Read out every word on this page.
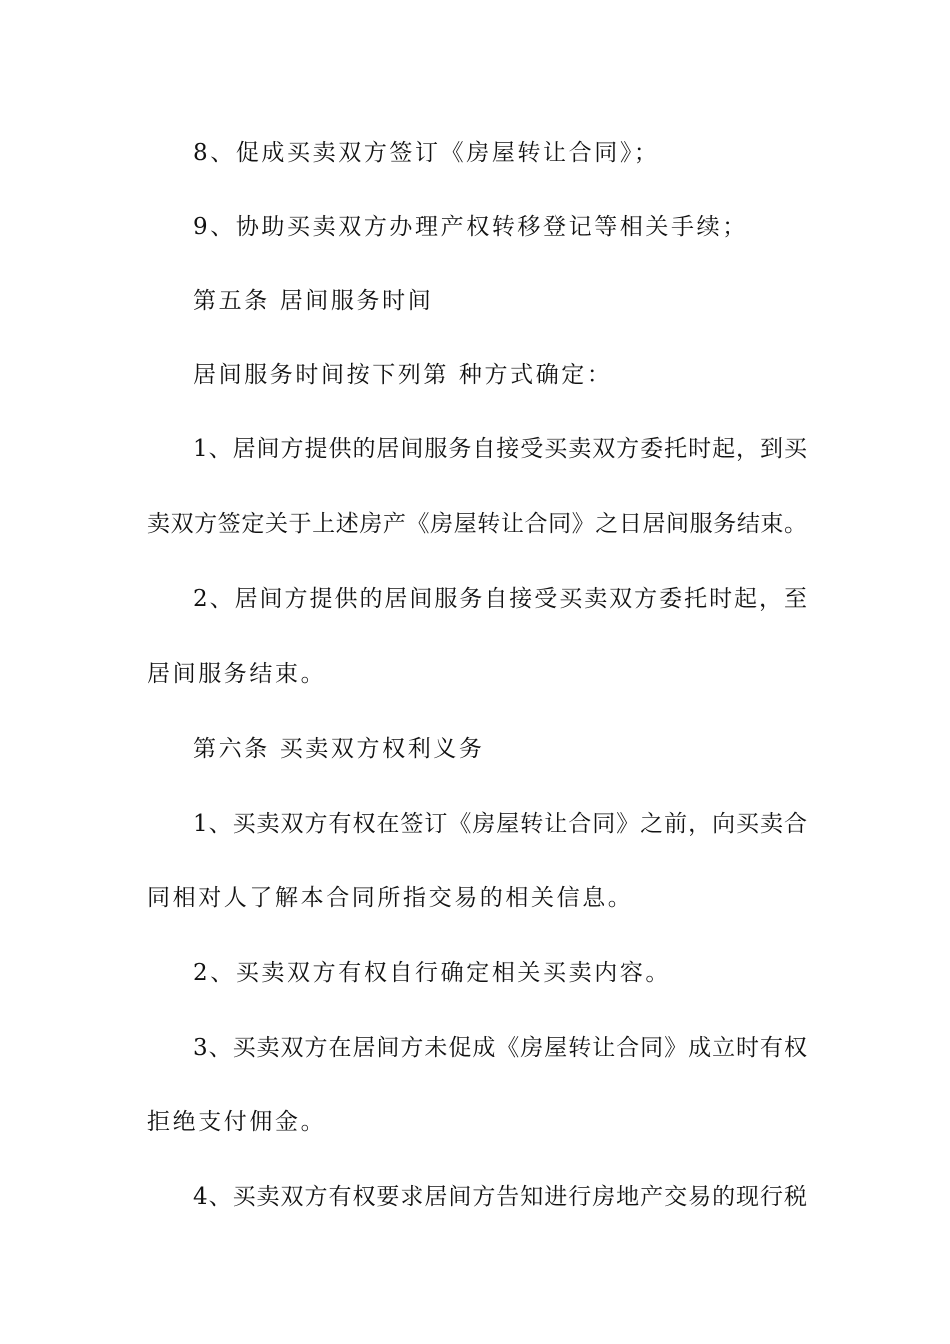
8、促成买卖双方签订《房屋转让合同》；
9、协助买卖双方办理产权转移登记等相关手续；
第五条 居间服务时间
居间服务时间按下列第 种方式确定：
1、居间方提供的居间服务自接受买卖双方委托时起，到买
卖双方签定关于上述房产《房屋转让合同》之日居间服务结束。
2、居间方提供的居间服务自接受买卖双方委托时起，至
居间服务结束。
第六条 买卖双方权利义务
1、买卖双方有权在签订《房屋转让合同》之前，向买卖合
同相对人了解本合同所指交易的相关信息。
2、买卖双方有权自行确定相关买卖内容。
3、买卖双方在居间方未促成《房屋转让合同》成立时有权
拒绝支付佣金。
4、买卖双方有权要求居间方告知进行房地产交易的现行税
